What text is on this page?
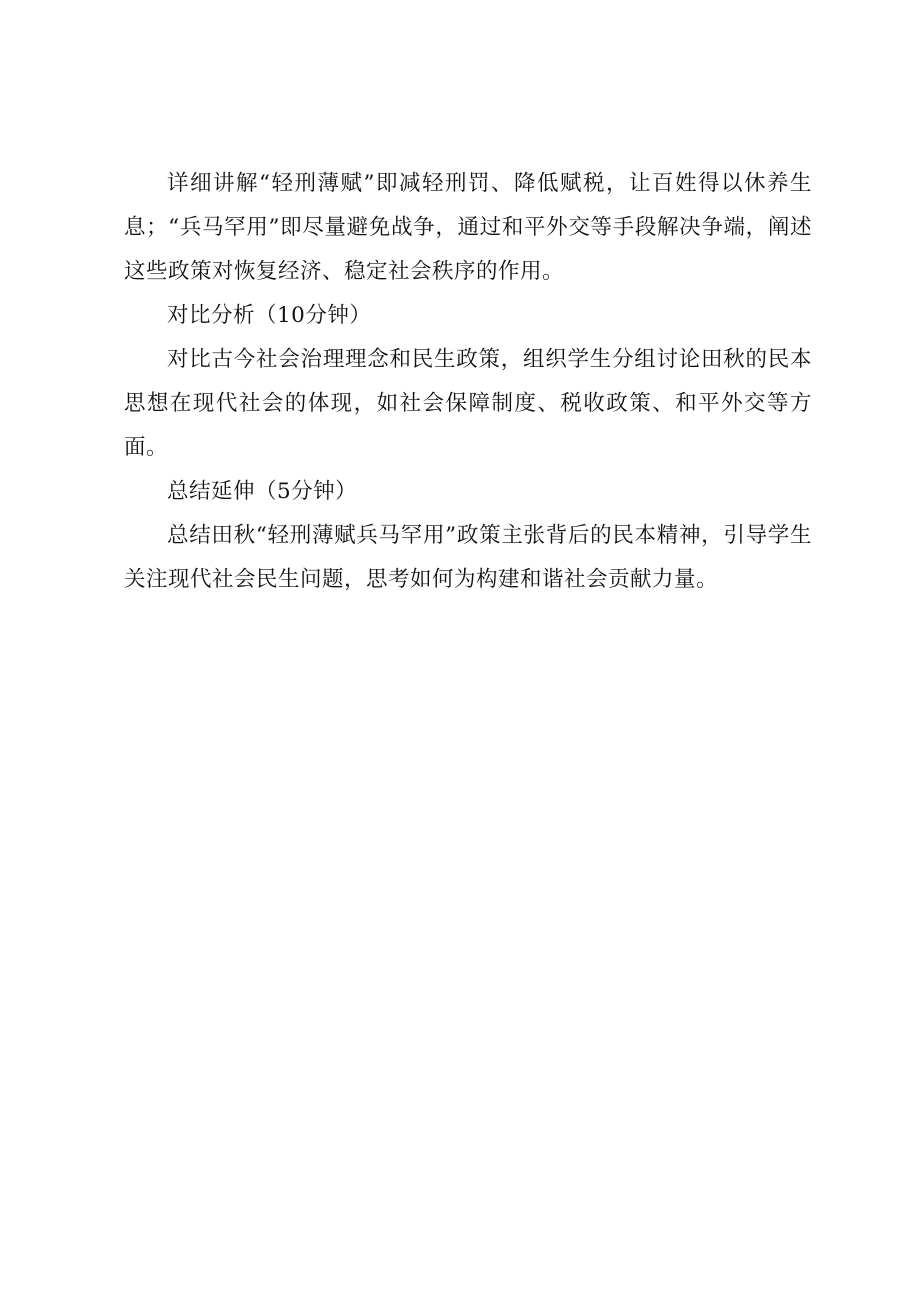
详细讲解“轻刑薄赋”即减轻刑罚、降低赋税，让百姓得以休养生息；“兵马罕用”即尽量避免战争，通过和平外交等手段解决争端，阐述这些政策对恢复经济、稳定社会秩序的作用。

对比分析（10分钟）

对比古今社会治理理念和民生政策，组织学生分组讨论田秋的民本思想在现代社会的体现，如社会保障制度、税收政策、和平外交等方面。

总结延伸（5分钟）

总结田秋“轻刑薄赋兵马罕用”政策主张背后的民本精神，引导学生关注现代社会民生问题，思考如何为构建和谐社会贡献力量。
